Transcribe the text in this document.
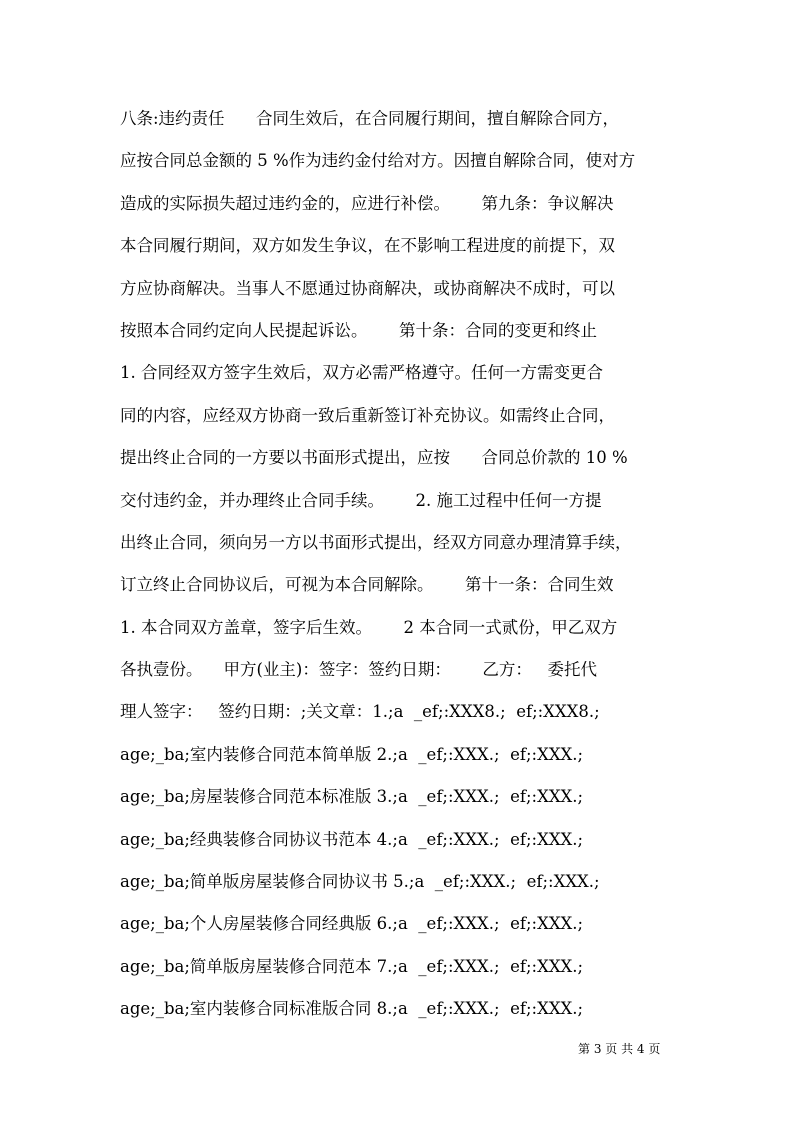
八条:违约责任      合同生效后，在合同履行期间，擅自解除合同方，
应按合同总金额的 5 %作为违约金付给对方。因擅自解除合同，使对方
造成的实际损失超过违约金的，应进行补偿。      第九条：争议解决
本合同履行期间，双方如发生争议，在不影响工程进度的前提下，双
方应协商解决。当事人不愿通过协商解决，或协商解决不成时，可以
按照本合同约定向人民提起诉讼。      第十条：合同的变更和终止
1. 合同经双方签字生效后，双方必需严格遵守。任何一方需变更合
同的内容，应经双方协商一致后重新签订补充协议。如需终止合同，
提出终止合同的一方要以书面形式提出，应按      合同总价款的 10 %
交付违约金，并办理终止合同手续。      2. 施工过程中任何一方提
出终止合同，须向另一方以书面形式提出，经双方同意办理清算手续，
订立终止合同协议后，可视为本合同解除。      第十一条：合同生效
1. 本合同双方盖章，签字后生效。      2 本合同一式贰份，甲乙双方
各执壹份。    甲方(业主)：签字：签约日期：      乙方：   委托代
理人签字：   签约日期：;关文章：1.;a  _ef;:XXX8.;  ef;:XXX8.;
age;_ba;室内装修合同范本简单版 2.;a  _ef;:XXX.;  ef;:XXX.;
age;_ba;房屋装修合同范本标准版 3.;a  _ef;:XXX.;  ef;:XXX.;
age;_ba;经典装修合同协议书范本 4.;a  _ef;:XXX.;  ef;:XXX.;
age;_ba;简单版房屋装修合同协议书 5.;a  _ef;:XXX.;  ef;:XXX.;
age;_ba;个人房屋装修合同经典版 6.;a  _ef;:XXX.;  ef;:XXX.;
age;_ba;简单版房屋装修合同范本 7.;a  _ef;:XXX.;  ef;:XXX.;
age;_ba;室内装修合同标准版合同 8.;a  _ef;:XXX.;  ef;:XXX.;
第 3 页 共 4 页
